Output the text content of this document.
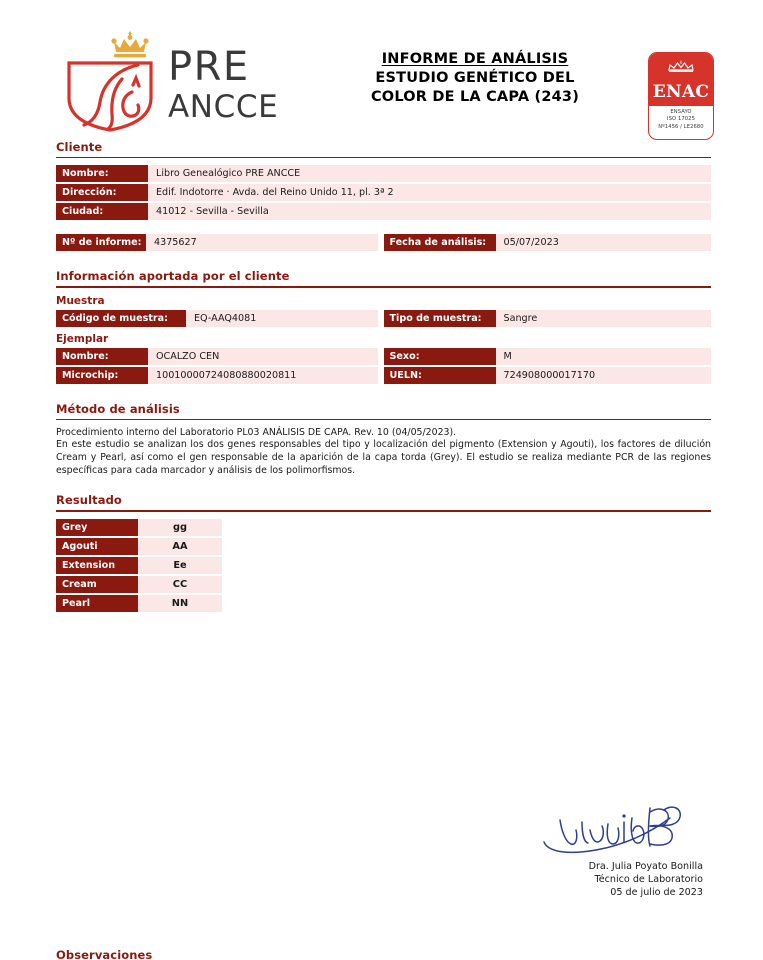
PRE
ANCCE
INFORME DE ANÁLISIS
ESTUDIO GENÉTICO DEL
COLOR DE LA CAPA (243)	ENAC
ENSAYO
ISO 17025
Nº1456 / LE2680
Cliente
Nombre:	Libro Genealógico PRE ANCCE
Dirección:	Edif. Indotorre · Avda. del Reino Unido 11, pl. 3ª 2
Ciudad:	41012 - Sevilla - Sevilla
Nº de informe:	4375627	Fecha de análisis:	05/07/2023
Información aportada por el cliente
Muestra
Código de muestra:	EQ-AAQ4081	Tipo de muestra:	Sangre
Ejemplar
Nombre:	OCALZO CEN	Sexo:	M
Microchip:	10010000724080880020811	UELN:	724908000017170
Método de análisis

Procedimiento interno del Laboratorio PL03 ANÁLISIS DE CAPA. Rev. 10 (04/05/2023).

En este estudio se analizan los dos genes responsables del tipo y localización del pigmento (Extension y Agouti), los factores de dilución Cream y Pearl, así como el gen responsable de la aparición de la capa torda (Grey). El estudio se realiza mediante PCR de las regiones específicas para cada marcador y análisis de los polimorfismos.

Resultado
Grey	gg
Agouti	AA
Extension	Ee
Cream	CC
Pearl	NN
Dra. Julia Poyato Bonilla
Técnico de Laboratorio
05 de julio de 2023
Observaciones
